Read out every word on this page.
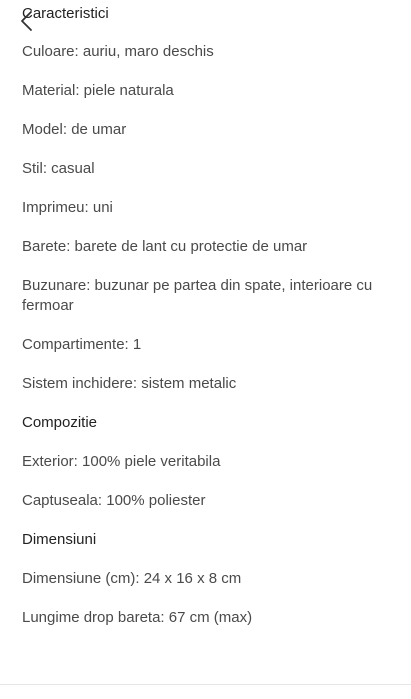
Caracteristici
Culoare: auriu, maro deschis
Material: piele naturala
Model: de umar
Stil: casual
Imprimeu: uni
Barete: barete de lant cu protectie de umar
Buzunare: buzunar pe partea din spate, interioare cu fermoar
Compartimente: 1
Sistem inchidere: sistem metalic
Compozitie
Exterior: 100% piele veritabila
Captuseala: 100% poliester
Dimensiuni
Dimensiune (cm): 24 x 16 x 8 cm
Lungime drop bareta: 67 cm (max)
